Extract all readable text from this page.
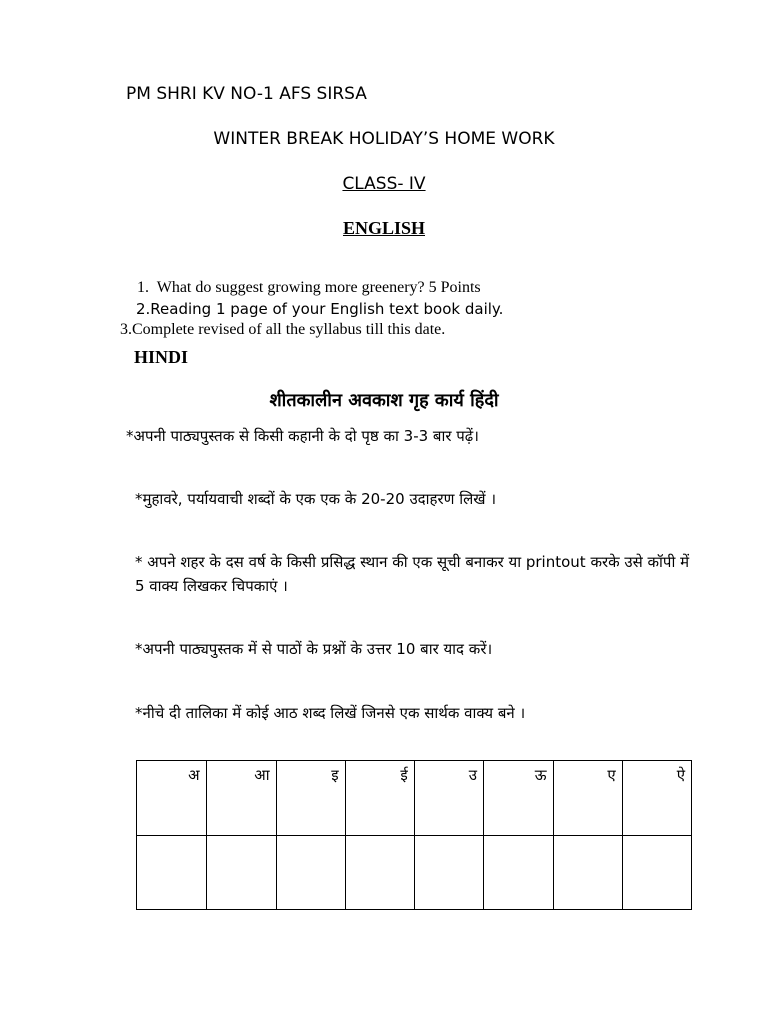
PM SHRI KV NO-1 AFS SIRSA
WINTER BREAK HOLIDAY’S HOME WORK
CLASS- IV
ENGLISH
1. What do suggest growing more greenery? 5 Points
2.Reading 1 page of your English text book daily.
3.Complete revised of all the syllabus till this date.
HINDI
शीतकालीन अवकाश गृह कार्य हिंदी
*अपनी पाठ्यपुस्तक से किसी कहानी के दो पृष्ठ का 3-3 बार पढ़ें।
*मुहावरे, पर्यायवाची शब्दों के एक एक के 20-20 उदाहरण लिखें ।
* अपने शहर के दस वर्ष के किसी प्रसिद्ध स्थान की एक सूची बनाकर या printout करके उसे कॉपी में 5 वाक्य लिखकर चिपकाएं ।
*अपनी पाठ्यपुस्तक में से पाठों के प्रश्नों के उत्तर 10 बार याद करें।
*नीचे दी तालिका में कोई आठ शब्द लिखें जिनसे एक सार्थक वाक्य बने ।
अ	आ	इ	ई	उ	ऊ	ए	ऐ
